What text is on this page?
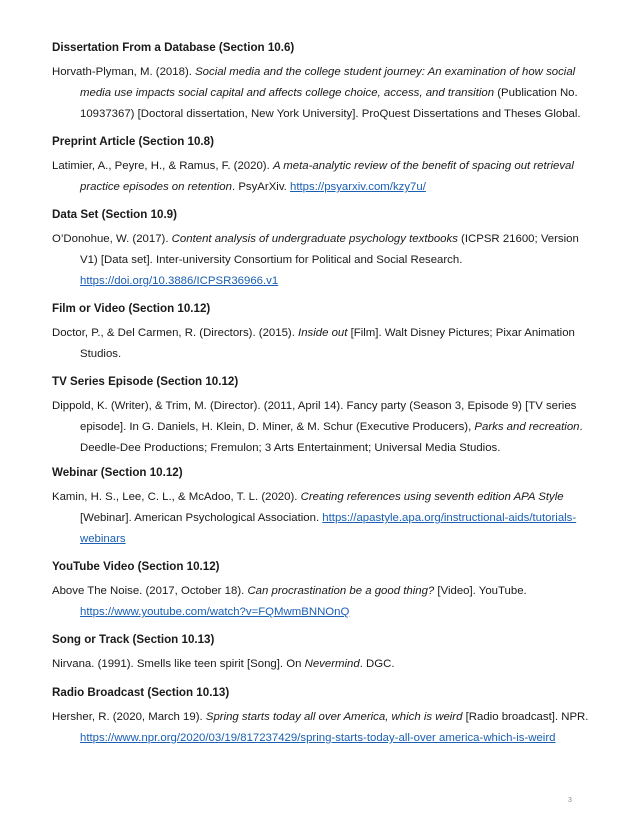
Dissertation From a Database (Section 10.6)

Horvath-Plyman, M. (2018). Social media and the college student journey: An examination of how social media use impacts social capital and affects college choice, access, and transition (Publication No. 10937367) [Doctoral dissertation, New York University]. ProQuest Dissertations and Theses Global.

Preprint Article (Section 10.8)

Latimier, A., Peyre, H., & Ramus, F. (2020). A meta-analytic review of the benefit of spacing out retrieval practice episodes on retention. PsyArXiv. https://psyarxiv.com/kzy7u/

Data Set (Section 10.9)

O’Donohue, W. (2017). Content analysis of undergraduate psychology textbooks (ICPSR 21600; Version V1) [Data set]. Inter-university Consortium for Political and Social Research. https://doi.org/10.3886/ICPSR36966.v1

Film or Video (Section 10.12)

Doctor, P., & Del Carmen, R. (Directors). (2015). Inside out [Film]. Walt Disney Pictures; Pixar Animation Studios.

TV Series Episode (Section 10.12)

Dippold, K. (Writer), & Trim, M. (Director). (2011, April 14). Fancy party (Season 3, Episode 9) [TV series episode]. In G. Daniels, H. Klein, D. Miner, & M. Schur (Executive Producers), Parks and recreation. Deedle-Dee Productions; Fremulon; 3 Arts Entertainment; Universal Media Studios.

Webinar (Section 10.12)

Kamin, H. S., Lee, C. L., & McAdoo, T. L. (2020). Creating references using seventh edition APA Style [Webinar]. American Psychological Association. https://apastyle.apa.org/instructional-aids/tutorials-webinars

YouTube Video (Section 10.12)

Above The Noise. (2017, October 18). Can procrastination be a good thing? [Video]. YouTube. https://www.youtube.com/watch?v=FQMwmBNNOnQ

Song or Track (Section 10.13)

Nirvana. (1991). Smells like teen spirit [Song]. On Nevermind. DGC.

Radio Broadcast (Section 10.13)

Hersher, R. (2020, March 19). Spring starts today all over America, which is weird [Radio broadcast]. NPR. https://www.npr.org/2020/03/19/817237429/spring-starts-today-all-over america-which-is-weird

3
